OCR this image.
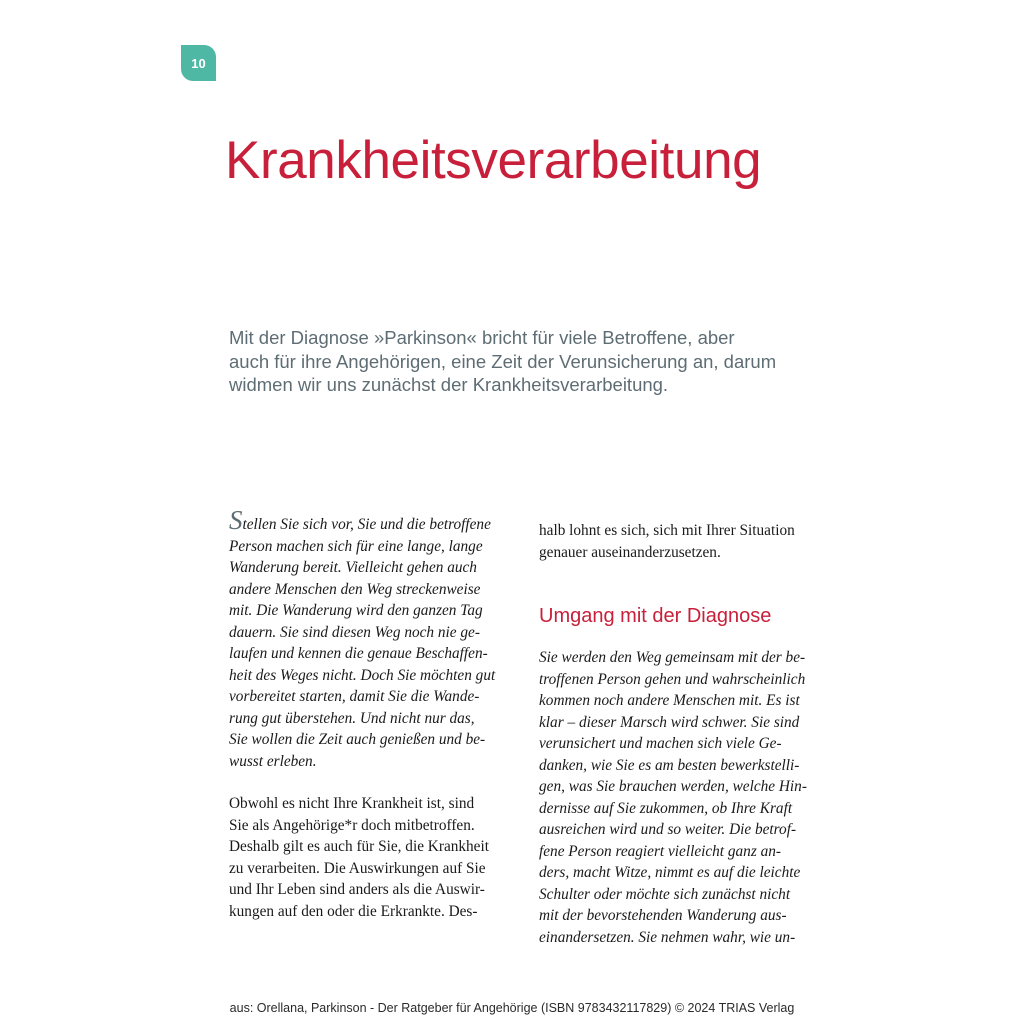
10
Krankheitsverarbeitung

Mit der Diagnose »Parkinson« bricht für viele Betroffene, aber
auch für ihre Angehörigen, eine Zeit der Verunsicherung an, darum
widmen wir uns zunächst der Krankheitsverarbeitung.

Stellen Sie sich vor, Sie und die betroffene
Person machen sich für eine lange, lange
Wanderung bereit. Vielleicht gehen auch
andere Menschen den Weg streckenweise
mit. Die Wanderung wird den ganzen Tag
dauern. Sie sind diesen Weg noch nie ge-
laufen und kennen die genaue Beschaffen-
heit des Weges nicht. Doch Sie möchten gut
vorbereitet starten, damit Sie die Wande-
rung gut überstehen. Und nicht nur das,
Sie wollen die Zeit auch genießen und be-
wusst erleben.
Obwohl es nicht Ihre Krankheit ist, sind
Sie als Angehörige*r doch mitbetroffen.
Deshalb gilt es auch für Sie, die Krankheit
zu verarbeiten. Die Auswirkungen auf Sie
und Ihr Leben sind anders als die Auswir-
kungen auf den oder die Erkrankte. Des-
halb lohnt es sich, sich mit Ihrer Situation
genauer auseinanderzusetzen.
Umgang mit der Diagnose
Sie werden den Weg gemeinsam mit der be-
troffenen Person gehen und wahrscheinlich
kommen noch andere Menschen mit. Es ist
klar – dieser Marsch wird schwer. Sie sind
verunsichert und machen sich viele Ge-
danken, wie Sie es am besten bewerkstelli-
gen, was Sie brauchen werden, welche Hin-
dernisse auf Sie zukommen, ob Ihre Kraft
ausreichen wird und so weiter. Die betrof-
fene Person reagiert vielleicht ganz an-
ders, macht Witze, nimmt es auf die leichte
Schulter oder möchte sich zunächst nicht
mit der bevorstehenden Wanderung aus-
einandersetzen. Sie nehmen wahr, wie un-
aus: Orellana, Parkinson - Der Ratgeber für Angehörige (ISBN 9783432117829) © 2024 TRIAS Verlag
